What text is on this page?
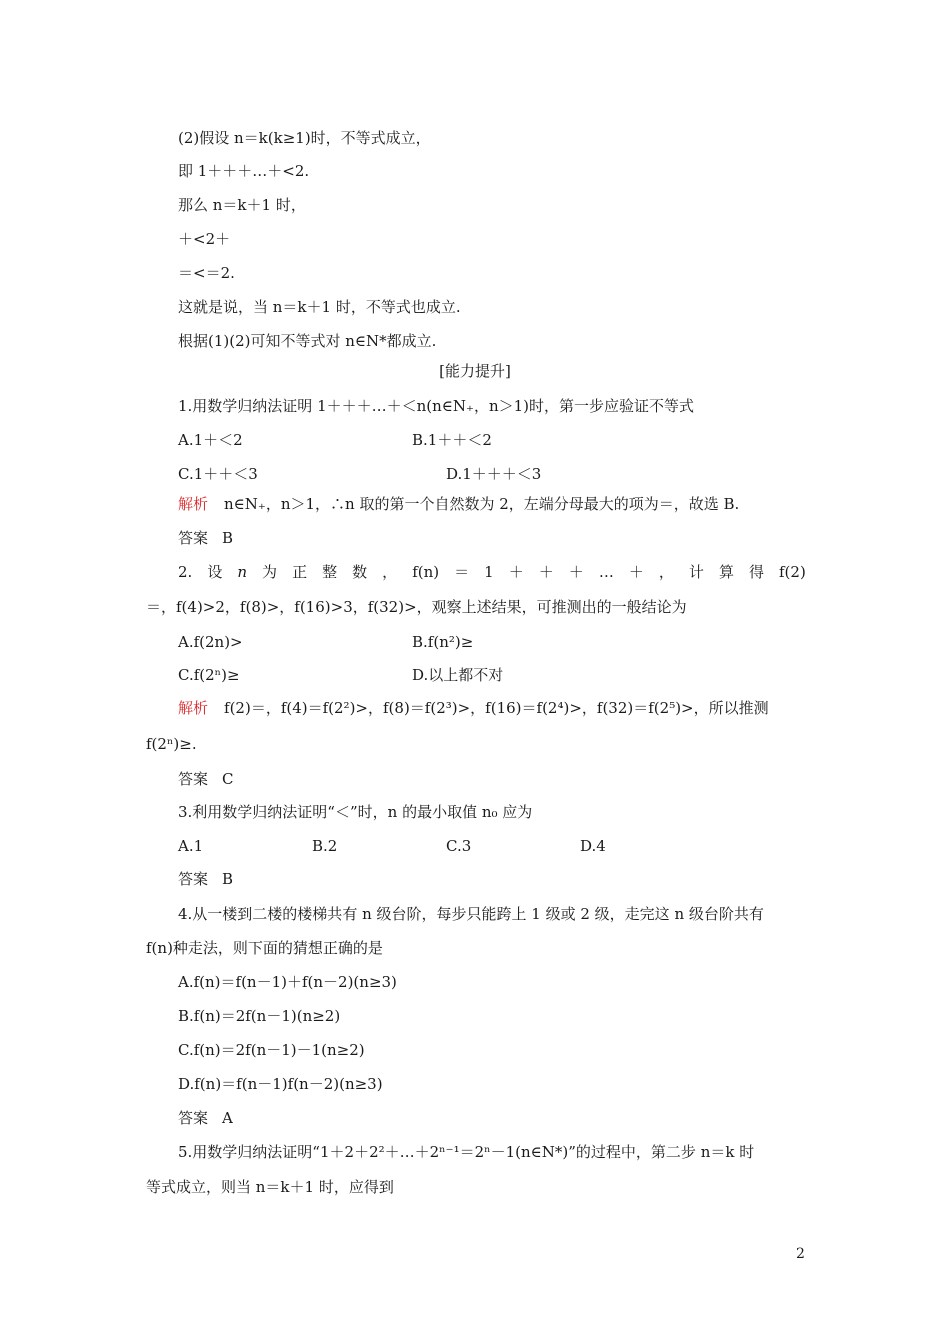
(2)假设 n＝k(k≥1)时，不等式成立，
即 1＋＋＋…＋<2.
那么 n＝k＋1 时，
＋<2＋
＝<＝2.
这就是说，当 n＝k＋1 时，不等式也成立.
根据(1)(2)可知不等式对 n∈N*都成立.
[能力提升]
1.用数学归纳法证明 1＋＋＋…＋＜n(n∈N₊，n＞1)时，第一步应验证不等式
A.1＋＜2	B.1＋＋＜2
C.1＋＋＜3	D.1＋＋＋＜3
解析 n∈N₊，n＞1，∴n 取的第一个自然数为 2，左端分母最大的项为＝，故选 B.
答案 B
2. 设 n 为 正 整 数 ， f(n) ＝ 1 ＋ ＋ ＋ … ＋ ， 计 算 得 f(2)
＝，f(4)>2，f(8)>，f(16)>3，f(32)>，观察上述结果，可推测出的一般结论为
A.f(2n)>	B.f(n²)≥
C.f(2ⁿ)≥	D.以上都不对
解析 f(2)＝，f(4)＝f(2²)>，f(8)＝f(2³)>，f(16)＝f(2⁴)>，f(32)＝f(2⁵)>，所以推测
f(2ⁿ)≥.
答案 C
3.利用数学归纳法证明“＜”时，n 的最小取值 n₀ 应为
A.1	B.2	C.3	D.4
答案 B
4.从一楼到二楼的楼梯共有 n 级台阶，每步只能跨上 1 级或 2 级，走完这 n 级台阶共有
f(n)种走法，则下面的猜想正确的是
A.f(n)＝f(n－1)＋f(n－2)(n≥3)
B.f(n)＝2f(n－1)(n≥2)
C.f(n)＝2f(n－1)－1(n≥2)
D.f(n)＝f(n－1)f(n－2)(n≥3)
答案 A
5.用数学归纳法证明“1＋2＋2²＋…＋2ⁿ⁻¹＝2ⁿ－1(n∈N*)”的过程中，第二步 n＝k 时
等式成立，则当 n＝k＋1 时，应得到
2
